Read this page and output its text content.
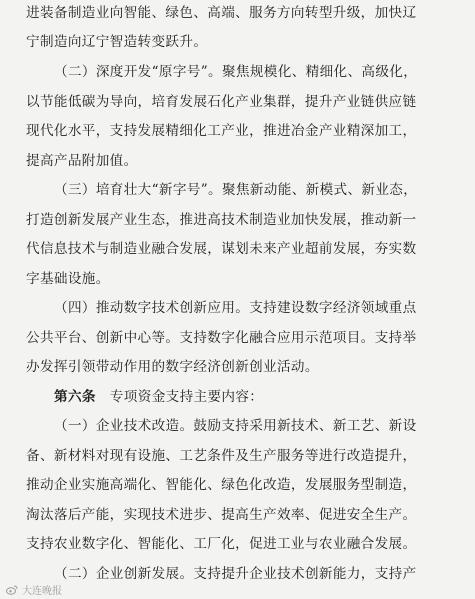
进装备制造业向智能、绿色、高端、服务方向转型升级，加快辽
宁制造向辽宁智造转变跃升。
（二）深度开发“原字号”。聚焦规模化、精细化、高级化，
以节能低碳为导向，培育发展石化产业集群，提升产业链供应链
现代化水平，支持发展精细化工产业，推进冶金产业精深加工，
提高产品附加值。
（三）培育壮大“新字号”。聚焦新动能、新模式、新业态，
打造创新发展产业生态，推进高技术制造业加快发展，推动新一
代信息技术与制造业融合发展，谋划未来产业超前发展，夯实数
字基础设施。
（四）推动数字技术创新应用。支持建设数字经济领域重点
公共平台、创新中心等。支持数字化融合应用示范项目。支持举
办发挥引领带动作用的数字经济创新创业活动。
第六条 专项资金支持主要内容：
（一）企业技术改造。鼓励支持采用新技术、新工艺、新设
备、新材料对现有设施、工艺条件及生产服务等进行改造提升，
推动企业实施高端化、智能化、绿色化改造，发展服务型制造，
淘汰落后产能，实现技术进步、提高生产效率、促进安全生产。
支持农业数字化、智能化、工厂化，促进工业与农业融合发展。
大连晚报
（二）企业创新发展。支持提升企业技术创新能力，支持产
